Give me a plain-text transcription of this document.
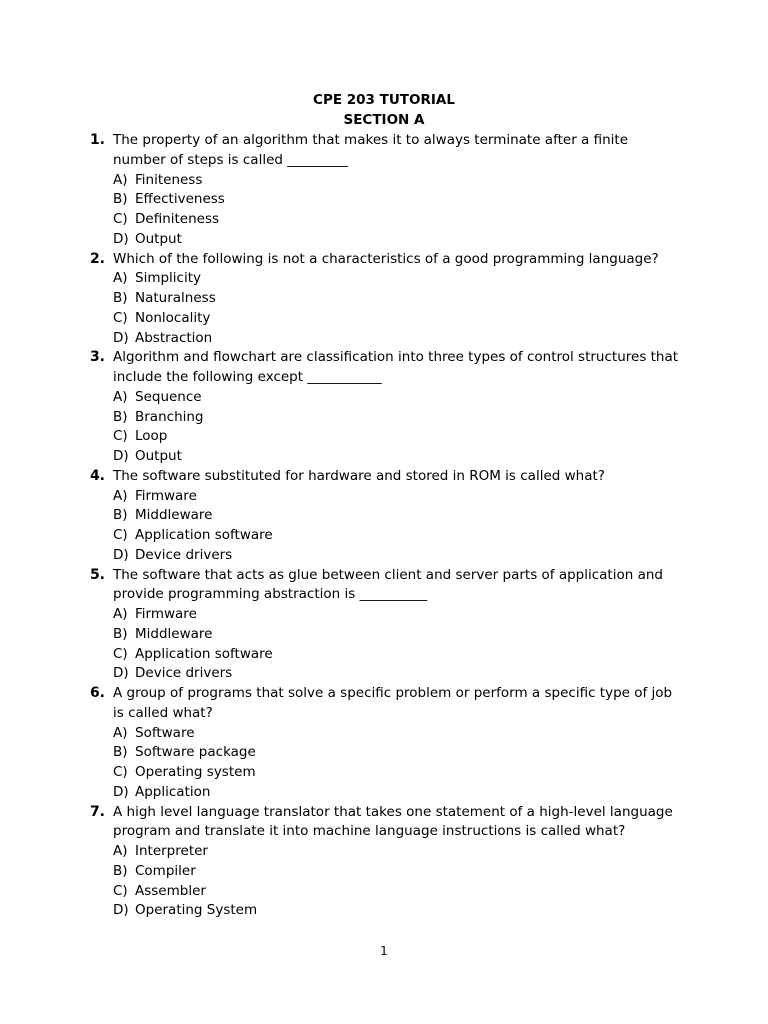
CPE 203 TUTORIAL
SECTION A
1. The property of an algorithm that makes it to always terminate after a finite number of steps is called _________
A) Finiteness
B) Effectiveness
C) Definiteness
D) Output
2. Which of the following is not a characteristics of a good programming language?
A) Simplicity
B) Naturalness
C) Nonlocality
D) Abstraction
3. Algorithm and flowchart are classification into three types of control structures that include the following except ___________
A) Sequence
B) Branching
C) Loop
D) Output
4. The software substituted for hardware and stored in ROM is called what?
A) Firmware
B) Middleware
C) Application software
D) Device drivers
5. The software that acts as glue between client and server parts of application and provide programming abstraction is __________
A) Firmware
B) Middleware
C) Application software
D) Device drivers
6. A group of programs that solve a specific problem or perform a specific type of job is called what?
A) Software
B) Software package
C) Operating system
D) Application
7. A high level language translator that takes one statement of a high-level language program and translate it into machine language instructions is called what?
A) Interpreter
B) Compiler
C) Assembler
D) Operating System
1
